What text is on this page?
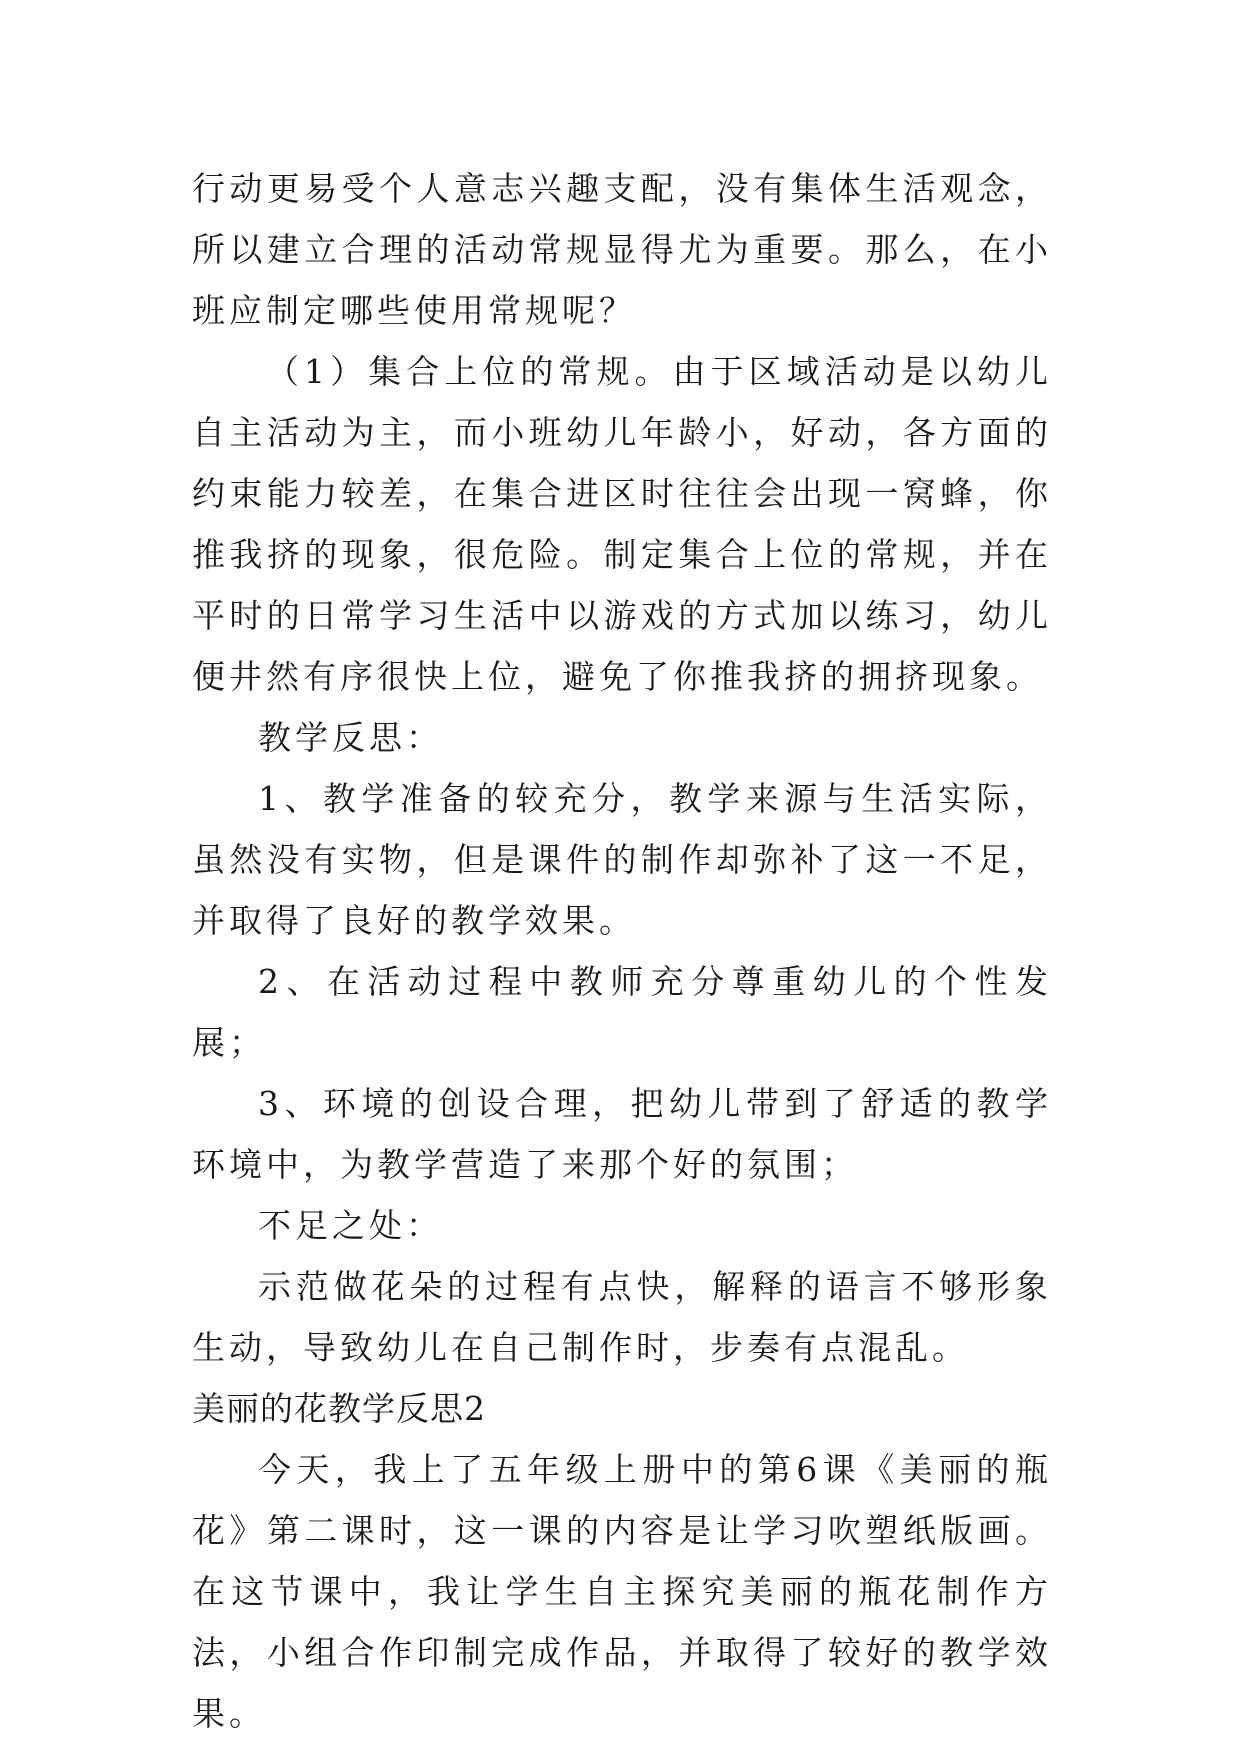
行动更易受个人意志兴趣支配，没有集体生活观念，所以建立合理的活动常规显得尤为重要。那么，在小班应制定哪些使用常规呢？

（1）集合上位的常规。由于区域活动是以幼儿自主活动为主，而小班幼儿年龄小，好动，各方面的约束能力较差，在集合进区时往往会出现一窝蜂，你推我挤的现象，很危险。制定集合上位的常规，并在平时的日常学习生活中以游戏的方式加以练习，幼儿便井然有序很快上位，避免了你推我挤的拥挤现象。

教学反思：

1、教学准备的较充分，教学来源与生活实际，虽然没有实物，但是课件的制作却弥补了这一不足，并取得了良好的教学效果。

2、在活动过程中教师充分尊重幼儿的个性发展；

3、环境的创设合理，把幼儿带到了舒适的教学环境中，为教学营造了来那个好的氛围；

不足之处：

示范做花朵的过程有点快，解释的语言不够形象生动，导致幼儿在自己制作时，步奏有点混乱。

美丽的花教学反思2

今天，我上了五年级上册中的第6课《美丽的瓶花》第二课时，这一课的内容是让学习吹塑纸版画。在这节课中，我让学生自主探究美丽的瓶花制作方法，小组合作印制完成作品，并取得了较好的教学效果。
